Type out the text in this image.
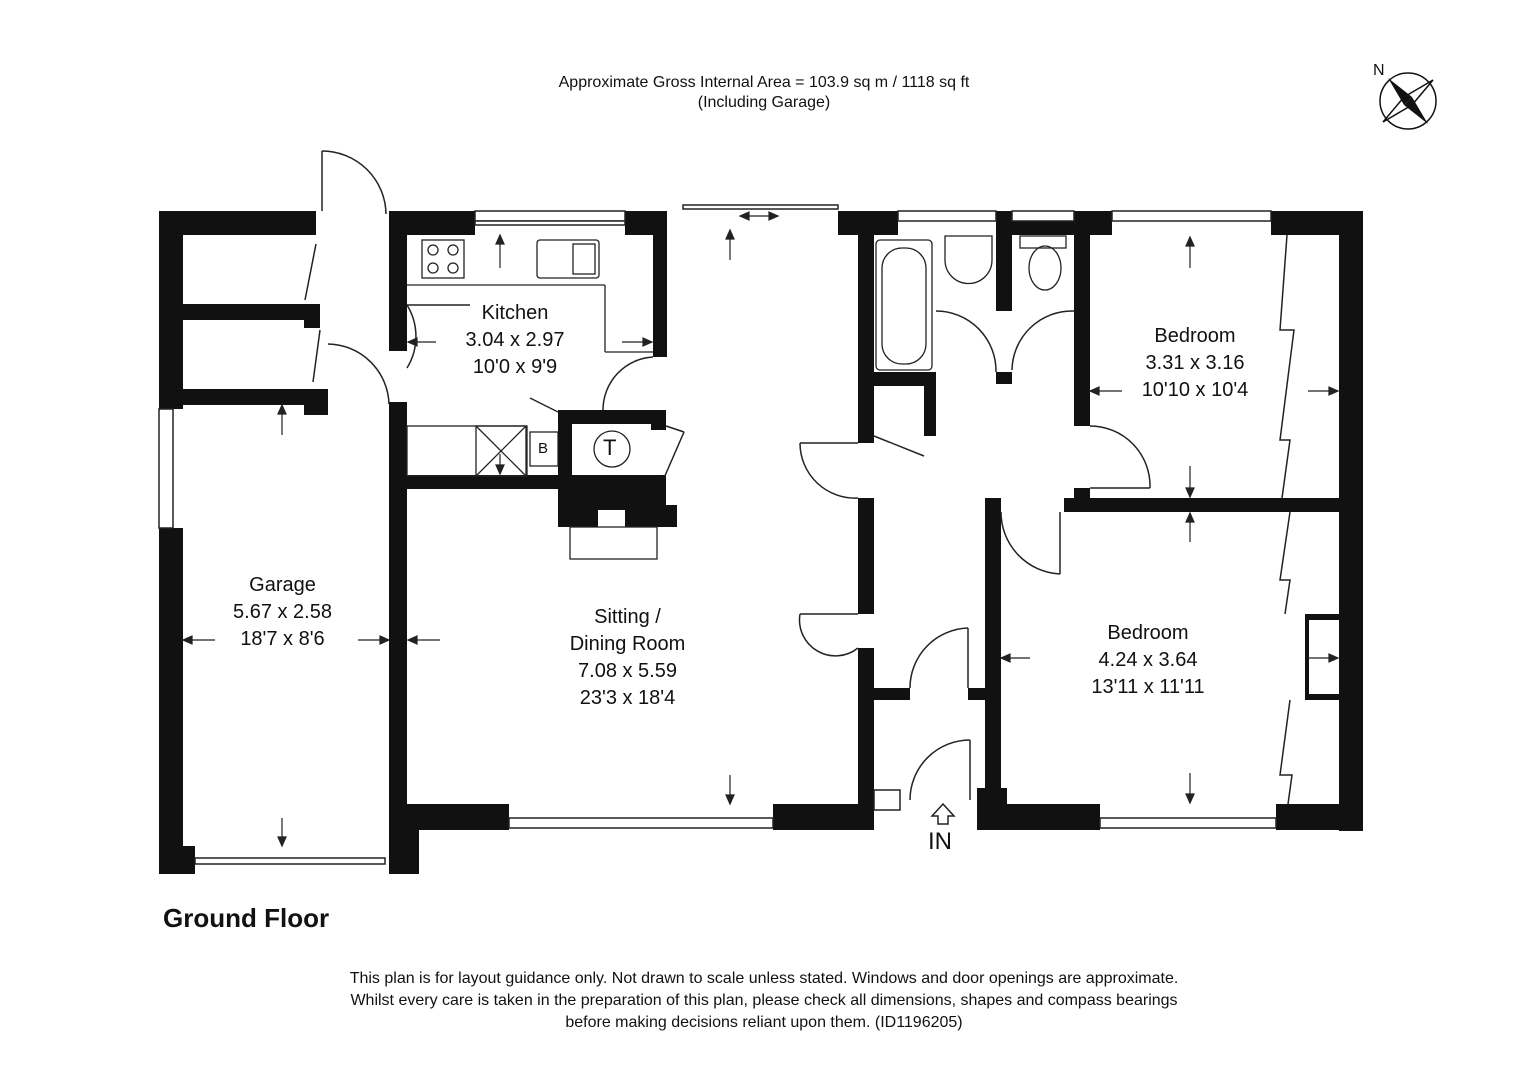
Approximate Gross Internal Area = 103.9 sq m / 1118 sq ft
(Including Garage)
N
Kitchen
3.04 x 2.97
10'0 x 9'9
Garage
5.67 x 2.58
18'7 x 8'6
Sitting /
Dining Room
7.08 x 5.59
23'3 x 18'4
Bedroom
3.31 x 3.16
10'10 x 10'4
Bedroom
4.24 x 3.64
13'11 x 11'11
B T
IN
Ground Floor
This plan is for layout guidance only. Not drawn to scale unless stated. Windows and door openings are approximate.
Whilst every care is taken in the preparation of this plan, please check all dimensions, shapes and compass bearings
before making decisions reliant upon them. (ID1196205)
